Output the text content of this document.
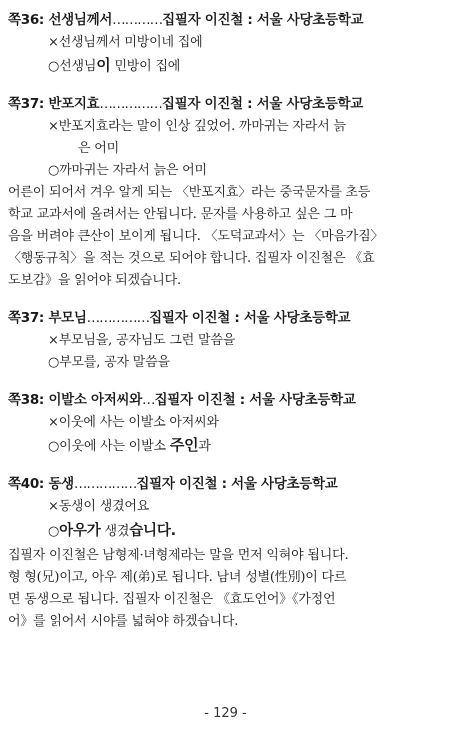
쪽36: 선생님께서…………집필자 이진철 : 서울 사당초등학교
×선생님께서 미방이네 집에
○선생님이 민방이 집에
쪽37: 반포지효……………집필자 이진철 : 서울 사당초등학교
×반포지효라는 말이 인상 깊었어. 까마귀는 자라서 늙
은 어미
○까마귀는 자라서 늙은 어미
어른이 되어서 겨우 알게 되는 〈반포지효〉라는 중국문자를 초등
학교 교과서에 올려서는 안됩니다. 문자를 사용하고 싶은 그 마
음을 버려야 큰산이 보이게 됩니다. 〈도덕교과서〉는 〈마음가짐〉
〈행동규칙〉을 적는 것으로 되어야 합니다. 집필자 이진철은 《효
도보감》을 읽어야 되겠습니다.
쪽37: 부모님……………집필자 이진철 : 서울 사당초등학교
×부모님을, 공자님도 그런 말씀을
○부모를, 공자 말씀을
쪽38: 이발소 아저씨와…집필자 이진철 : 서울 사당초등학교
×이웃에 사는 이발소 아저씨와
○이웃에 사는 이발소 주인과
쪽40: 동생……………집필자 이진철 : 서울 사당초등학교
×동생이 생겼어요
○아우가 생겼습니다.
집필자 이진철은 남형제·녀형제라는 말을 먼저 익혀야 됩니다.
형 형(兄)이고, 아우 제(弟)로 됩니다. 남녀 성별(性別)이 다르
면 동생으로 됩니다. 집필자 이진철은 《효도언어》《가정언
어》를 읽어서 시야를 넓혀야 하겠습니다.
- 129 -
